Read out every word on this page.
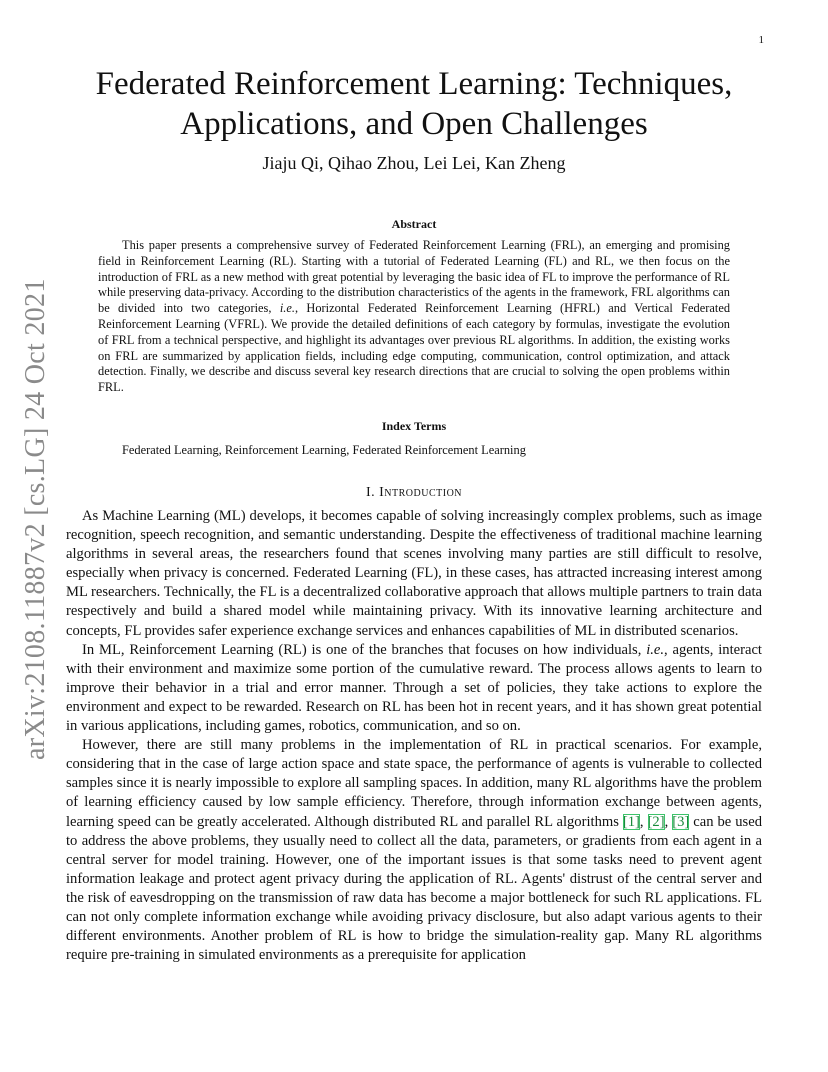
1
arXiv:2108.11887v2 [cs.LG] 24 Oct 2021
Federated Reinforcement Learning: Techniques,
Applications, and Open Challenges
Jiaju Qi, Qihao Zhou, Lei Lei, Kan Zheng
Abstract

This paper presents a comprehensive survey of Federated Reinforcement Learning (FRL), an emerging and promising field in Reinforcement Learning (RL). Starting with a tutorial of Federated Learning (FL) and RL, we then focus on the introduction of FRL as a new method with great potential by leveraging the basic idea of FL to improve the performance of RL while preserving data-privacy. According to the distribution characteristics of the agents in the framework, FRL algorithms can be divided into two categories, i.e., Horizontal Federated Reinforcement Learning (HFRL) and Vertical Federated Reinforcement Learning (VFRL). We provide the detailed definitions of each category by formulas, investigate the evolution of FRL from a technical perspective, and highlight its advantages over previous RL algorithms. In addition, the existing works on FRL are summarized by application fields, including edge computing, communication, control optimization, and attack detection. Finally, we describe and discuss several key research directions that are crucial to solving the open problems within FRL.

Index Terms
Federated Learning, Reinforcement Learning, Federated Reinforcement Learning
I. Introduction

As Machine Learning (ML) develops, it becomes capable of solving increasingly complex problems, such as image recognition, speech recognition, and semantic understanding. Despite the effectiveness of traditional machine learning algorithms in several areas, the researchers found that scenes involving many parties are still difficult to resolve, especially when privacy is concerned. Federated Learning (FL), in these cases, has attracted increasing interest among ML researchers. Technically, the FL is a decentralized collaborative approach that allows multiple partners to train data respectively and build a shared model while maintaining privacy. With its innovative learning architecture and concepts, FL provides safer experience exchange services and enhances capabilities of ML in distributed scenarios.

In ML, Reinforcement Learning (RL) is one of the branches that focuses on how individuals, i.e., agents, interact with their environment and maximize some portion of the cumulative reward. The process allows agents to learn to improve their behavior in a trial and error manner. Through a set of policies, they take actions to explore the environment and expect to be rewarded. Research on RL has been hot in recent years, and it has shown great potential in various applications, including games, robotics, communication, and so on.

However, there are still many problems in the implementation of RL in practical scenarios. For example, considering that in the case of large action space and state space, the performance of agents is vulnerable to collected samples since it is nearly impossible to explore all sampling spaces. In addition, many RL algorithms have the problem of learning efficiency caused by low sample efficiency. Therefore, through information exchange between agents, learning speed can be greatly accelerated. Although distributed RL and parallel RL algorithms [1], [2], [3] can be used to address the above problems, they usually need to collect all the data, parameters, or gradients from each agent in a central server for model training. However, one of the important issues is that some tasks need to prevent agent information leakage and protect agent privacy during the application of RL. Agents' distrust of the central server and the risk of eavesdropping on the transmission of raw data has become a major bottleneck for such RL applications. FL can not only complete information exchange while avoiding privacy disclosure, but also adapt various agents to their different environments. Another problem of RL is how to bridge the simulation-reality gap. Many RL algorithms require pre-training in simulated environments as a prerequisite for application
